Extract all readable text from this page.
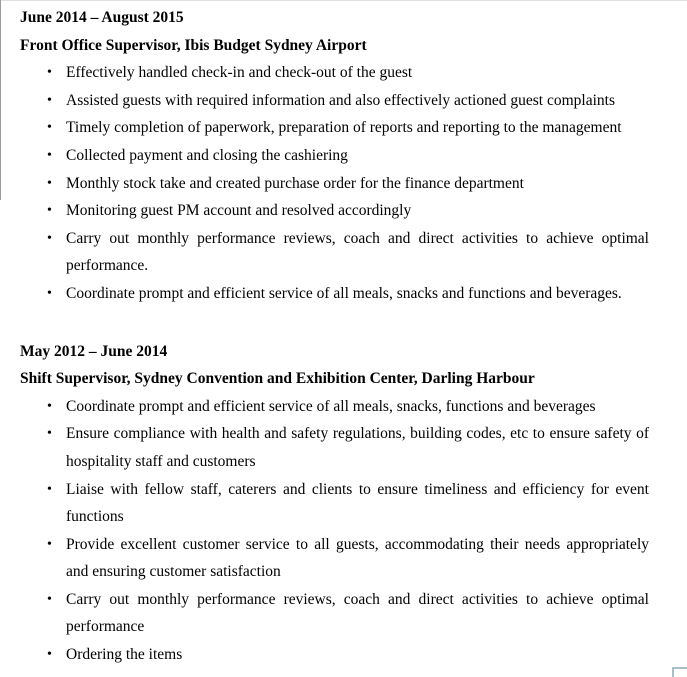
June 2014 – August 2015
Front Office Supervisor, Ibis Budget Sydney Airport
• Effectively handled check-in and check-out of the guest
• Assisted guests with required information and also effectively actioned guest complaints
• Timely completion of paperwork, preparation of reports and reporting to the management
• Collected payment and closing the cashiering
• Monthly stock take and created purchase order for the finance department
• Monitoring guest PM account and resolved accordingly
• Carry out monthly performance reviews, coach and direct activities to achieve optimal performance.
• Coordinate prompt and efficient service of all meals, snacks and functions and beverages.
May 2012 – June 2014
Shift Supervisor, Sydney Convention and Exhibition Center, Darling Harbour
• Coordinate prompt and efficient service of all meals, snacks, functions and beverages
• Ensure compliance with health and safety regulations, building codes, etc to ensure safety of hospitality staff and customers
• Liaise with fellow staff, caterers and clients to ensure timeliness and efficiency for event functions
• Provide excellent customer service to all guests, accommodating their needs appropriately and ensuring customer satisfaction
• Carry out monthly performance reviews, coach and direct activities to achieve optimal performance
• Ordering the items
